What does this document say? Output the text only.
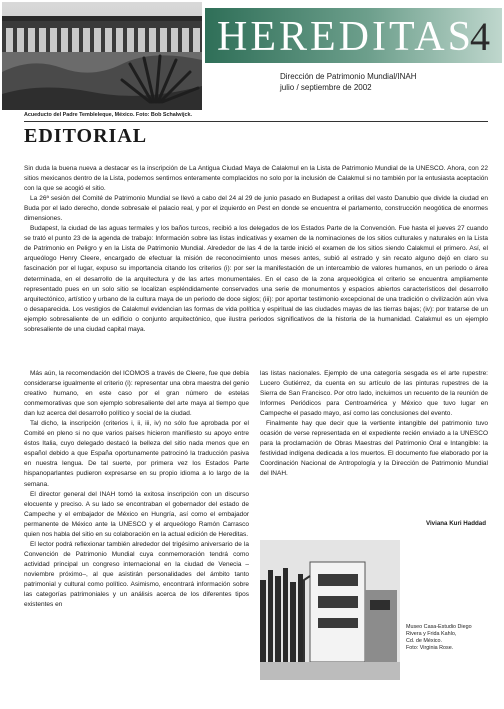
HEREDITAS
4
Dirección de Patrimonio Mundial/INAH
julio / septiembre de 2002
Acueducto del Padre Tembleleque, México. Foto: Bob Schalwijck.
EDITORIAL

Sin duda la buena nueva a destacar es la inscripción de La Antigua Ciudad Maya de Calakmul en la Lista de Patrimonio Mundial de la UNESCO. Ahora, con 22 sitios mexicanos dentro de la Lista, podemos sentirnos enteramente complacidos no solo por la inclusión de Calakmul si no también por la entusiasta aceptación con la que se acogió el sitio.

La 26ª sesión del Comité de Patrimonio Mundial se llevó a cabo del 24 al 29 de junio pasado en Budapest a orillas del vasto Danubio que divide la ciudad en Buda por el lado derecho, donde sobresale el palacio real, y por el izquierdo en Pest en donde se encuentra el parlamento, construcción neogótica de enormes dimensiones.

Budapest, la ciudad de las aguas termales y los baños turcos, recibió a los delegados de los Estados Parte de la Convención. Fue hasta el jueves 27 cuando se trató el punto 23 de la agenda de trabajo: Información sobre las listas indicativas y examen de la nominaciones de los sitios culturales y naturales en la Lista de Patrimonio en Peligro y en la Lista de Patrimonio Mundial. Alrededor de las 4 de la tarde inició el examen de los sitios siendo Calakmul el primero. Así, el arqueólogo Henry Cleere, encargado de efectuar la misión de reconocimiento unos meses antes, subió al estrado y sin recato alguno dejó en claro su fascinación por el lugar, expuso su importancia citando los criterios (i): por ser la manifestación de un intercambio de valores humanos, en un periodo o área determinada, en el desarrollo de la arquitectura y de las artes monumentales. En el caso de la zona arqueológica el criterio se encuentra ampliamente representado pues en un solo sitio se localizan espléndidamente conservados una serie de monumentos y espacios abiertos característicos del desarrollo arquitectónico, artístico y urbano de la cultura maya de un periodo de doce siglos; (iii): por aportar testimonio excepcional de una tradición o civilización aún viva o desaparecida. Los vestigios de Calakmul evidencian las formas de vida política y espiritual de las ciudades mayas de las tierras bajas; (iv): por tratarse de un ejemplo sobresaliente de un edificio o conjunto arquitectónico, que ilustra periodos significativos de la historia de la humanidad. Calakmul es un ejemplo sobresaliente de una ciudad capital maya.

Más aún, la recomendación del ICOMOS a través de Cleere, fue que debía considerarse igualmente el criterio (i): representar una obra maestra del genio creativo humano, en este caso por el gran número de estelas conmemorativas que son ejemplo sobresaliente del arte maya al tiempo que dan luz acerca del desarrollo político y social de la ciudad.

Tal dicho, la inscripción (criterios i, ii, iii, iv) no sólo fue aprobada por el Comité en pleno si no que varios países hicieron manifiesto su apoyo entre éstos Italia, cuyo delegado destacó la belleza del sitio nada menos que en español debido a que España oportunamente patrocinó la traducción pasiva en nuestra lengua. De tal suerte, por primera vez los Estados Parte hispanoparlantes pudieron expresarse en su propio idioma a lo largo de la semana.

El director general del INAH tomó la exitosa inscripción con un discurso elocuente y preciso. A su lado se encontraban el gobernador del estado de Campeche y el embajador de México en Hungría, así como el embajador permanente de México ante la UNESCO y el arqueólogo Ramón Carrasco quien nos habla del sitio en su colaboración en la actual edición de Hereditas.

El lector podrá reflexionar también alrededor del trigésimo aniversario de la Convención de Patrimonio Mundial cuya conmemoración tendrá como actividad principal un congreso internacional en la ciudad de Venecia –noviembre próximo–, al que asistirán personalidades del ámbito tanto patrimonial y cultural como político. Asimismo, encontrará información sobre las categorías patrimoniales y un análisis acerca de los diferentes tipos existentes en

las listas nacionales. Ejemplo de una categoría sesgada es el arte rupestre: Lucero Gutiérrez, da cuenta en su artículo de las pinturas rupestres de la Sierra de San Francisco. Por otro lado, incluimos un recuento de la reunión de Informes Periódicos para Centroamérica y México que tuvo lugar en Campeche el pasado mayo, así como las conclusiones del evento.

Finalmente hay que decir que la vertiente intangible del patrimonio tuvo ocasión de verse representada en el expediente recién enviado a la UNESCO para la proclamación de Obras Maestras del Patrimonio Oral e Intangible: la festividad indígena dedicada a los muertos. El documento fue elaborado por la Coordinación Nacional de Antropología y la Dirección de Patrimonio Mundial del INAH.

Viviana Kuri Haddad
Museo Casa-Estudio Diego
Rivera y Frida Kahlo,
Cd. de México.
Foto: Virginia Rose.
